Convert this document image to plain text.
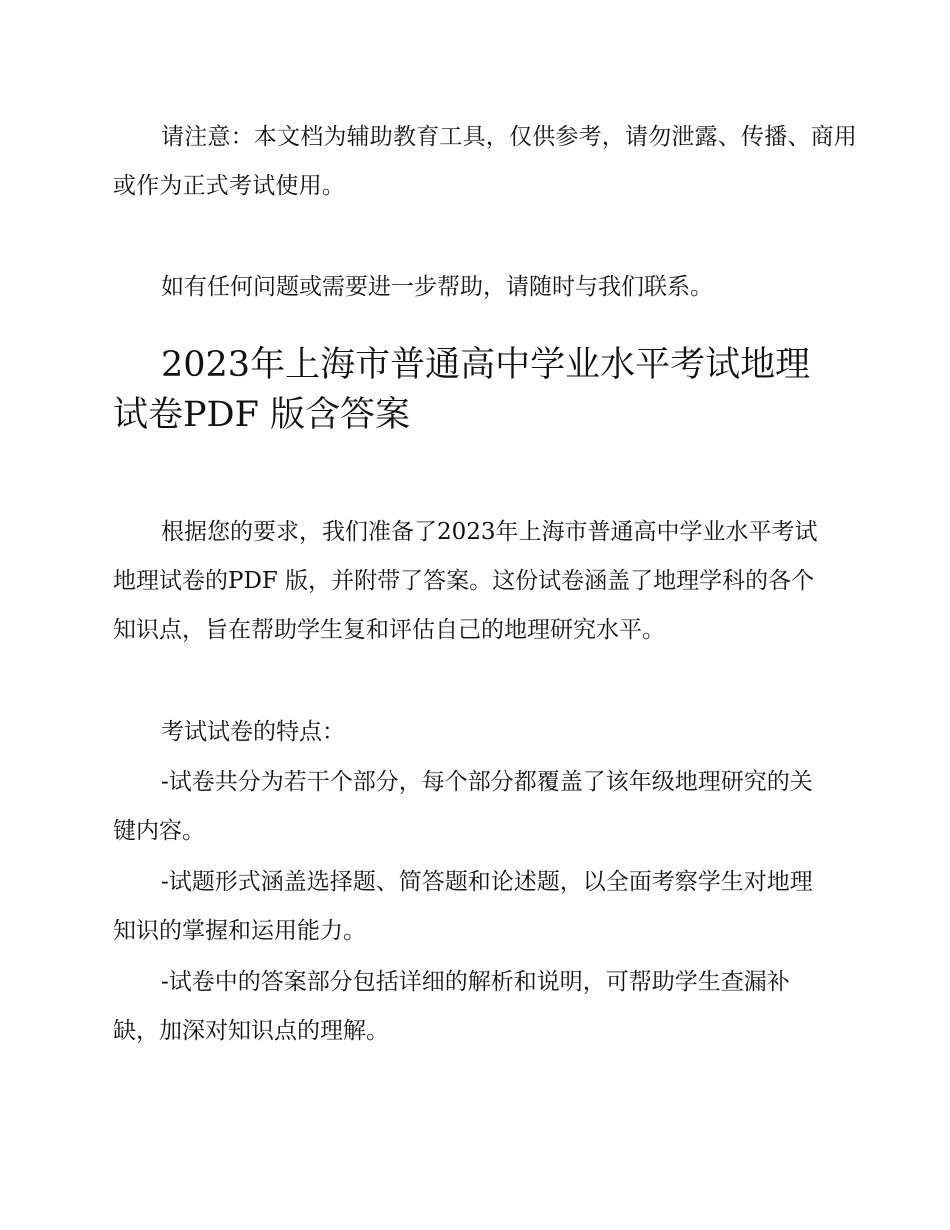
请注意：本文档为辅助教育工具，仅供参考，请勿泄露、传播、商用或作为正式考试使用。

如有任何问题或需要进一步帮助，请随时与我们联系。

2023年上海市普通高中学业水平考试地理试卷PDF 版含答案

根据您的要求，我们准备了2023年上海市普通高中学业水平考试地理试卷的PDF 版，并附带了答案。这份试卷涵盖了地理学科的各个知识点，旨在帮助学生复和评估自己的地理研究水平。

考试试卷的特点：

-试卷共分为若干个部分，每个部分都覆盖了该年级地理研究的关键内容。

-试题形式涵盖选择题、简答题和论述题，以全面考察学生对地理知识的掌握和运用能力。

-试卷中的答案部分包括详细的解析和说明，可帮助学生查漏补缺，加深对知识点的理解。
